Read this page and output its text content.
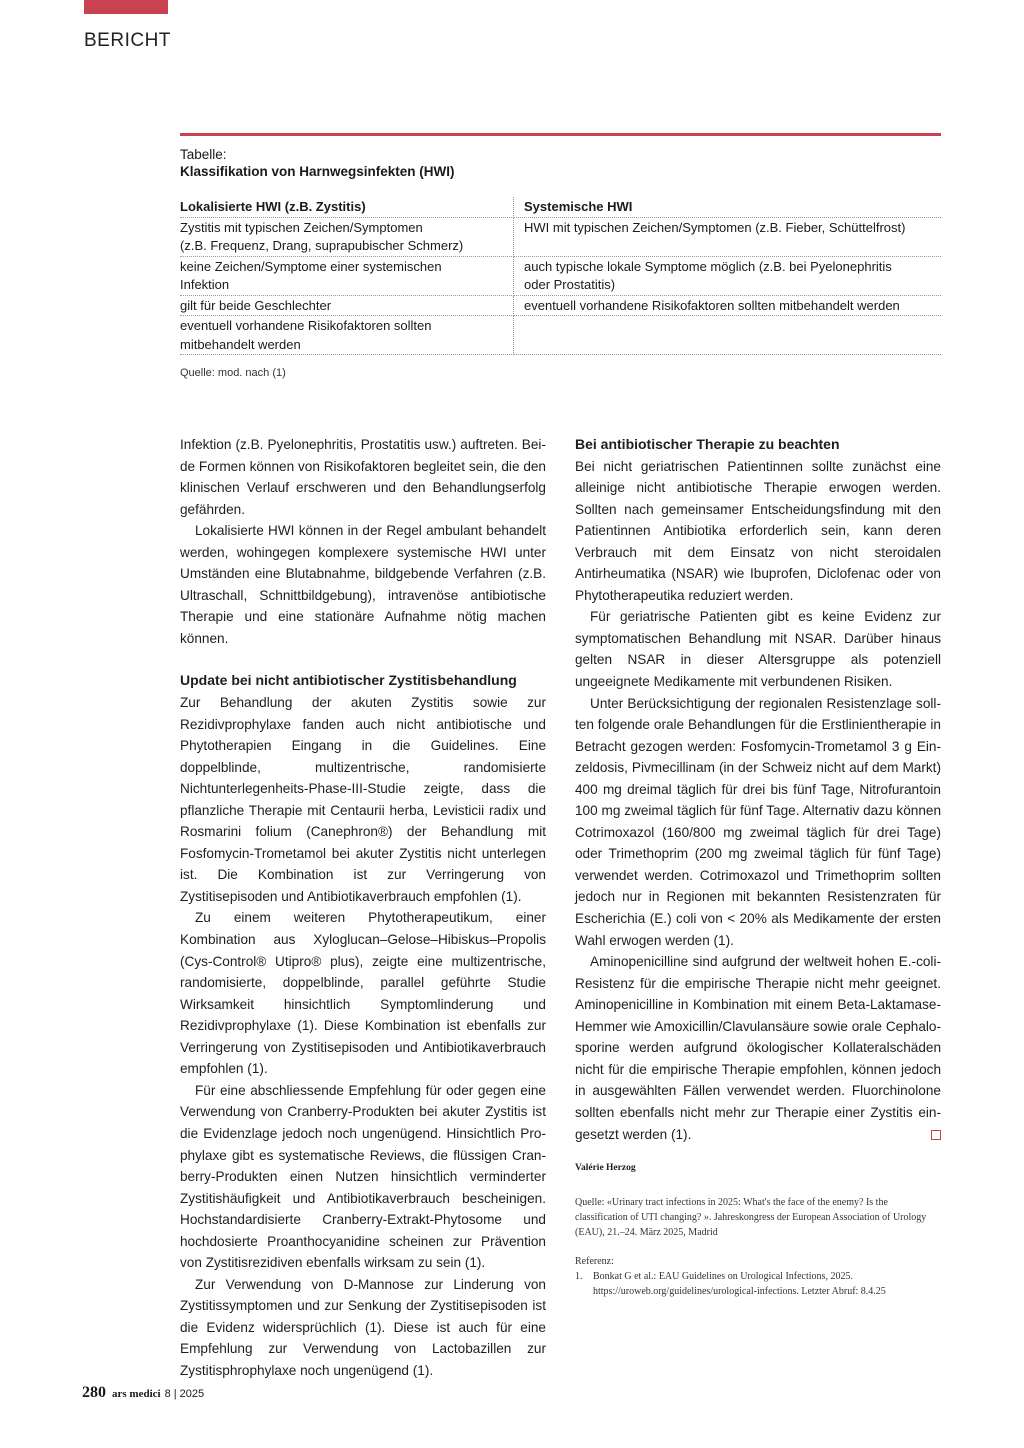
BERICHT
Tabelle:
Klassifikation von Harnwegsinfekten (HWI)
Lokalisierte HWI (z.B. Zystitis)	Systemische HWI
Zystitis mit typischen Zeichen/Symptomen
(z.B. Frequenz, Drang, suprapubischer Schmerz)	HWI mit typischen Zeichen/Symptomen (z.B. Fieber, Schüttelfrost)
keine Zeichen/Symptome einer systemischen
Infektion	auch typische lokale Symptome möglich (z.B. bei Pyelonephritis
oder Prostatitis)
gilt für beide Geschlechter	eventuell vorhandene Risikofaktoren sollten mitbehandelt werden
eventuell vorhandene Risikofaktoren sollten
mitbehandelt werden	
Quelle: mod. nach (1)

Infektion (z.B. Pyelonephritis, Prostatitis usw.) auftreten. Beide Formen können von Risikofaktoren begleitet sein, die den klinischen Verlauf erschweren und den Behandlungserfolg gefährden.

Lokalisierte HWI können in der Regel ambulant behandelt werden, wohingegen komplexere systemische HWI unter Umständen eine Blutabnahme, bildgebende Verfahren (z.B. Ultraschall, Schnittbildgebung), intravenöse antibiotische Therapie und eine stationäre Aufnahme nötig machen können.

Update bei nicht antibiotischer Zystitisbehandlung

Zur Behandlung der akuten Zystitis sowie zur Rezidivprophylaxe fanden auch nicht antibiotische und Phytotherapien Eingang in die Guidelines. Eine doppelblinde, multizentrische, randomisierte Nichtunterlegenheits-Phase-III-Studie zeigte, dass die pflanzliche Therapie mit Centaurii herba, Levisticii radix und Rosmarini folium (Canephron®) der Behandlung mit Fosfomycin-Trometamol bei akuter Zystitis nicht unterlegen ist. Die Kombination ist zur Verringerung von Zystitisepisoden und Antibiotikaverbrauch empfohlen (1).

Zu einem weiteren Phytotherapeutikum, einer Kombination aus Xyloglucan–Gelose–Hibiskus–Propolis (Cys-Control® Utipro® plus), zeigte eine multizentrische, randomisierte, doppelblinde, parallel geführte Studie Wirksamkeit hinsichtlich Symptomlinderung und Rezidivprophylaxe (1). Diese Kombination ist ebenfalls zur Verringerung von Zystitisepisoden und Antibiotikaverbrauch empfohlen (1).

Für eine abschliessende Empfehlung für oder gegen eine Verwendung von Cranberry-Produkten bei akuter Zystitis ist die Evidenzlage jedoch noch ungenügend. Hinsichtlich Prophylaxe gibt es systematische Reviews, die flüssigen Cranberry-Produkten einen Nutzen hinsichtlich verminderter Zystitishäufigkeit und Antibiotikaverbrauch bescheinigen. Hochstandardisierte Cranberry-Extrakt-Phytosome und hochdosierte Proanthocyanidine scheinen zur Prävention von Zystitisrezidiven ebenfalls wirksam zu sein (1).

Zur Verwendung von D-Mannose zur Linderung von Zystitissymptomen und zur Senkung der Zystitisepisoden ist die Evidenz widersprüchlich (1). Diese ist auch für eine Empfehlung zur Verwendung von Lactobazillen zur Zystitisphrophylaxe noch ungenügend (1).

Bei antibiotischer Therapie zu beachten

Bei nicht geriatrischen Patientinnen sollte zunächst eine alleinige nicht antibiotische Therapie erwogen werden. Sollten nach gemeinsamer Entscheidungsfindung mit den Patientinnen Antibiotika erforderlich sein, kann deren Verbrauch mit dem Einsatz von nicht steroidalen Antirheumatika (NSAR) wie Ibuprofen, Diclofenac oder von Phytotherapeutika reduziert werden.

Für geriatrische Patienten gibt es keine Evidenz zur symptomatischen Behandlung mit NSAR. Darüber hinaus gelten NSAR in dieser Altersgruppe als potenziell ungeeignete Medikamente mit verbundenen Risiken.

Unter Berücksichtigung der regionalen Resistenzlage sollten folgende orale Behandlungen für die Erstlinientherapie in Betracht gezogen werden: Fosfomycin-Trometamol 3 g Einzeldosis, Pivmecillinam (in der Schweiz nicht auf dem Markt) 400 mg dreimal täglich für drei bis fünf Tage, Nitrofurantoin 100 mg zweimal täglich für fünf Tage. Alternativ dazu können Cotrimoxazol (160/800 mg zweimal täglich für drei Tage) oder Trimethoprim (200 mg zweimal täglich für fünf Tage) verwendet werden. Cotrimoxazol und Trimethoprim sollten jedoch nur in Regionen mit bekannten Resistenzraten für Escherichia (E.) coli von < 20% als Medikamente der ersten Wahl erwogen werden (1).

Aminopenicilline sind aufgrund der weltweit hohen E.-coli-Resistenz für die empirische Therapie nicht mehr geeignet. Aminopenicilline in Kombination mit einem Beta-Laktamase-Hemmer wie Amoxicillin/Clavulansäure sowie orale Cephalosporine werden aufgrund ökologischer Kollateralschäden nicht für die empirische Therapie empfohlen, können jedoch in ausgewählten Fällen verwendet werden. Fluorchinolone sollten ebenfalls nicht mehr zur Therapie einer Zystitis eingesetzt werden (1).

Valérie Herzog
Quelle: «Urinary tract infections in 2025: What's the face of the enemy? Is the classification of UTI changing? ». Jahreskongress der European Association of Urology (EAU), 21.–24. März 2025, Madrid
Referenz:
1.	Bonkat G et al.: EAU Guidelines on Urological Infections, 2025. https://uroweb.org/guidelines/urological-infections. Letzter Abruf: 8.4.25
280 ars medici 8 | 2025
